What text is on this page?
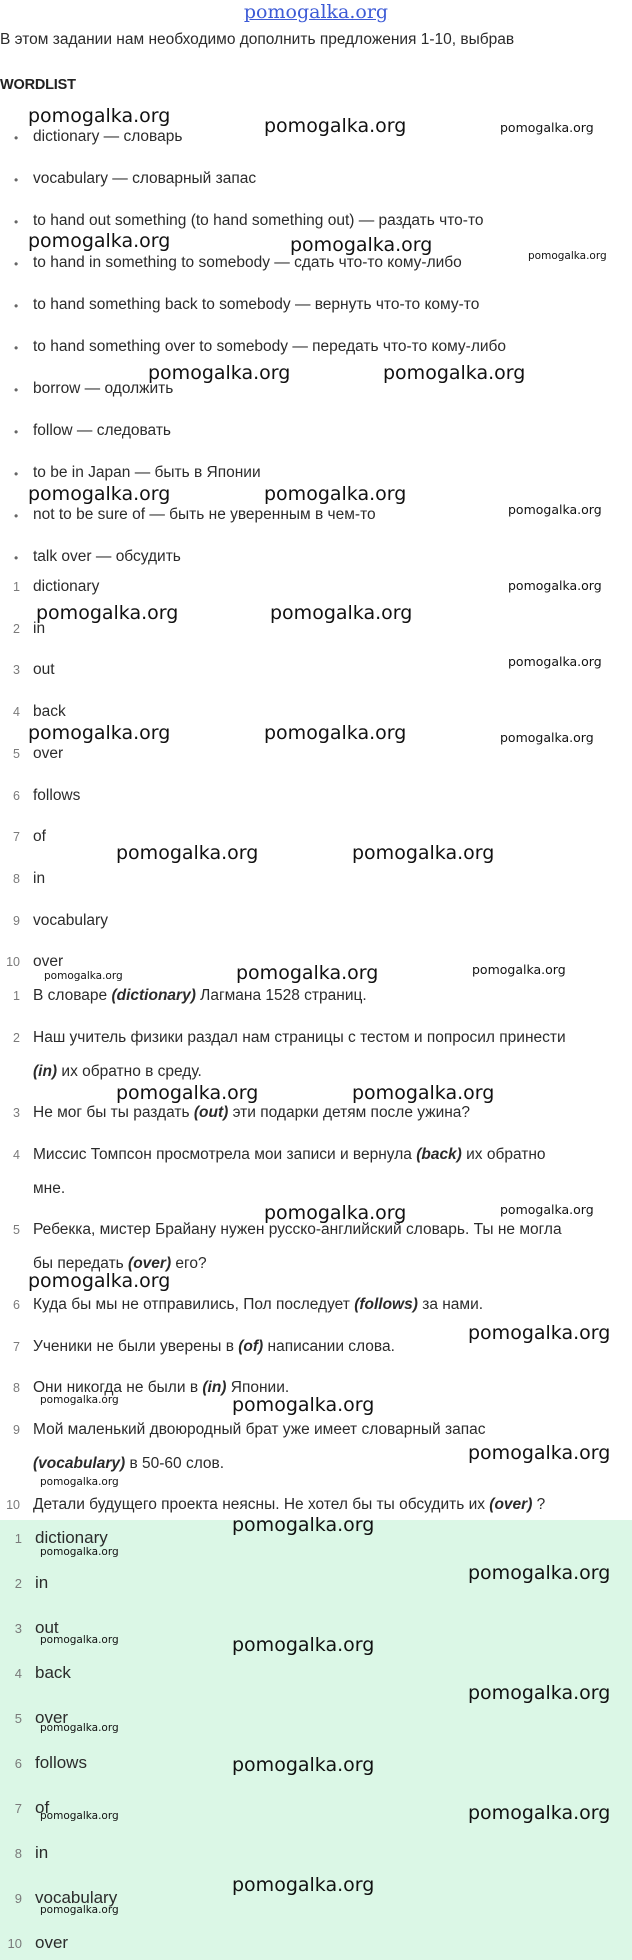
pomogalka.org
В этом задании нам необходимо дополнить предложения 1-10, выбрав
WORDLIST
• dictionary — словарь
• vocabulary — словарный запас
• to hand out something (to hand something out) — раздать что-то
• to hand in something to somebody — сдать что-то кому-либо
• to hand something back to somebody — вернуть что-то кому-то
• to hand something over to somebody — передать что-то кому-либо
• borrow — одолжить
• follow — следовать
• to be in Japan — быть в Японии
• not to be sure of — быть не уверенным в чем-то
• talk over — обсудить
1 dictionary
2 in
3 out
4 back
5 over
6 follows
7 of
8 in
9 vocabulary
10 over
1 В словаре (dictionary) Лагмана 1528 страниц.
2 Наш учитель физики раздал нам страницы с тестом и попросил принести
(in) их обратно в среду.
3 Не мог бы ты раздать (out) эти подарки детям после ужина?
4 Миссис Томпсон просмотрела мои записи и вернула (back) их обратно
мне.
5 Ребекка, мистер Брайану нужен русско-английский словарь. Ты не могла
бы передать (over) его?
6 Куда бы мы не отправились, Пол последует (follows) за нами.
7 Ученики не были уверены в (of) написании слова.
8 Они никогда не были в (in) Японии.
9 Мой маленький двоюродный брат уже имеет словарный запас
(vocabulary) в 50-60 слов.
10 Детали будущего проекта неясны. Не хотел бы ты обсудить их (over) ?
1 dictionary
2 in
3 out
4 back
5 over
6 follows
7 of
8 in
9 vocabulary
10 over
pomogalka.org	pomogalka.org	pomogalka.org
pomogalka.org	pomogalka.org	pomogalka.org
pomogalka.org	pomogalka.org
pomogalka.org	pomogalka.org
pomogalka.org
pomogalka.org
pomogalka.org	pomogalka.org
pomogalka.org
pomogalka.org	pomogalka.org	pomogalka.org
pomogalka.org	pomogalka.org
pomogalka.org	pomogalka.org	pomogalka.org
pomogalka.org	pomogalka.org
pomogalka.org	pomogalka.org
pomogalka.org
pomogalka.org
pomogalka.org	pomogalka.org
pomogalka.org
pomogalka.org
pomogalka.org
pomogalka.org
pomogalka.org
pomogalka.org	pomogalka.org
pomogalka.org
pomogalka.org
pomogalka.org
pomogalka.org
pomogalka.org
pomogalka.org
pomogalka.org
